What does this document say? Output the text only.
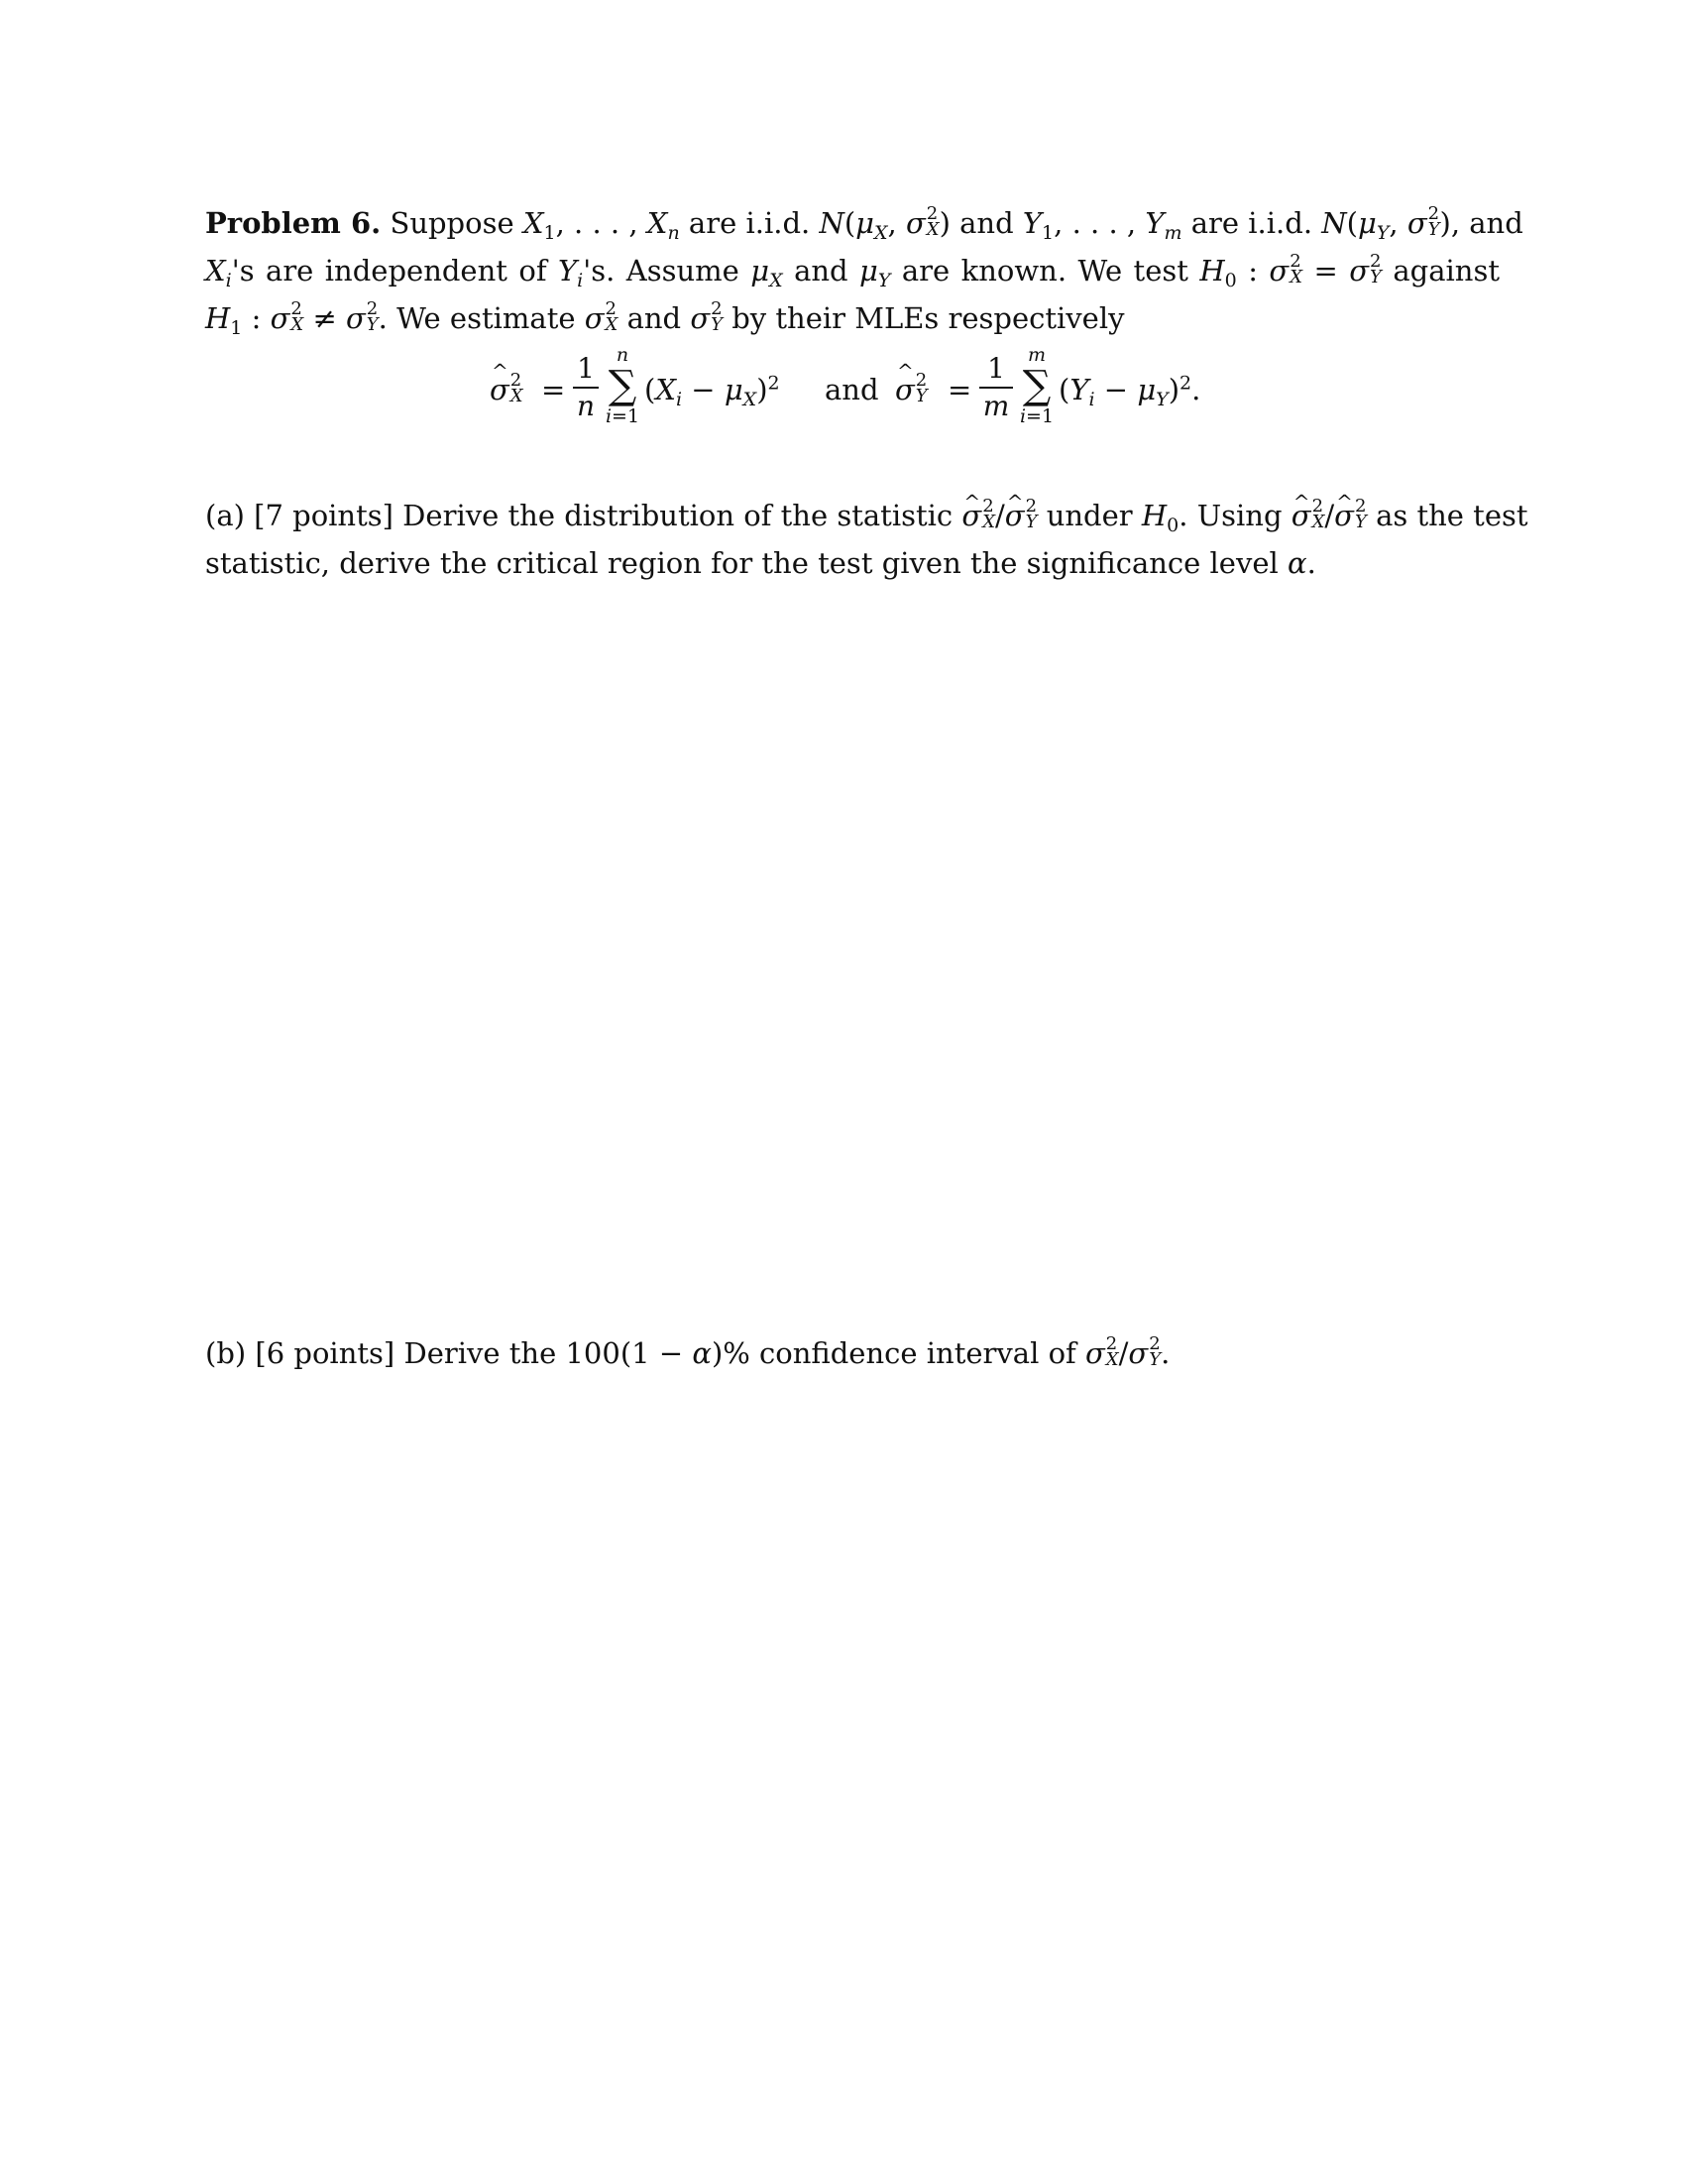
Problem 6. Suppose $X_1$, . . . , $X_n$ are i.i.d. $N(\mu_X$, σ 2
X ) and $Y_1$, . . . , $Y_m$ are i.i.d. $N(\mu_Y$, σ 2
Y ), and
$X_i's$ are independent of $Y_i's$. Assume $\mu_X$ and $\mu_Y$ are known. We test $H_0$ : σ 2
X = σ 2
Y against
$H_1$ : σ 2
X ≠ σ 2
Y . We estimate σ 2
X and σ 2
Y by their MLEs respectively
^ σ 2
X =
1
n
n
∑
i=1
$(X_i - \mu_X)^2$ and
^ σ 2
Y =
1
m
m
∑
i=1
$(Y_i - \mu_Y)^2$.
(a) [7 points] Derive the distribution of the statistic ^ σ 2
X /^ σ 2
Y under $H_0$. Using ^ σ 2
X /^ σ 2
Y as the test
statistic, derive the critical region for the test given the significance level α.
(b) [6 points] Derive the 100(1 − α)% confidence interval of σ 2
X /σ 2
Y .
